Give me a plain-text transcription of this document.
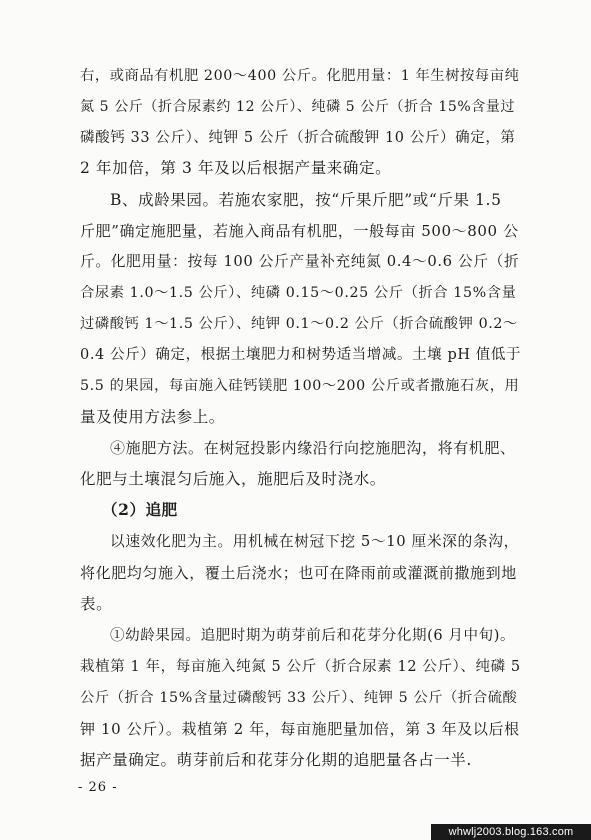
右，或商品有机肥 200～400 公斤。化肥用量：1 年生树按每亩纯
氮 5 公斤（折合尿素约 12 公斤）、纯磷 5 公斤（折合 15%含量过
磷酸钙 33 公斤）、纯钾 5 公斤（折合硫酸钾 10 公斤）确定，第
2 年加倍，第 3 年及以后根据产量来确定。
B、成龄果园。若施农家肥，按“斤果斤肥”或“斤果 1.5
斤肥”确定施肥量，若施入商品有机肥，一般每亩 500～800 公
斤。化肥用量：按每 100 公斤产量补充纯氮 0.4～0.6 公斤（折
合尿素 1.0～1.5 公斤）、纯磷 0.15～0.25 公斤（折合 15%含量
过磷酸钙 1～1.5 公斤）、纯钾 0.1～0.2 公斤（折合硫酸钾 0.2～
0.4 公斤）确定，根据土壤肥力和树势适当增减。土壤 pH 值低于
5.5 的果园，每亩施入硅钙镁肥 100～200 公斤或者撒施石灰，用
量及使用方法参上。
④施肥方法。在树冠投影内缘沿行向挖施肥沟，将有机肥、
化肥与土壤混匀后施入，施肥后及时浇水。
（2）追肥
以速效化肥为主。用机械在树冠下挖 5～10 厘米深的条沟，
将化肥均匀施入，覆土后浇水；也可在降雨前或灌溉前撒施到地
表。
①幼龄果园。追肥时期为萌芽前后和花芽分化期(6 月中旬)。
栽植第 1 年，每亩施入纯氮 5 公斤（折合尿素 12 公斤）、纯磷 5
公斤（折合 15%含量过磷酸钙 33 公斤）、纯钾 5 公斤（折合硫酸
钾 10 公斤）。栽植第 2 年，每亩施肥量加倍，第 3 年及以后根
据产量确定。萌芽前后和花芽分化期的追肥量各占一半.
- 26 -
whwlj2003.blog.163.com
